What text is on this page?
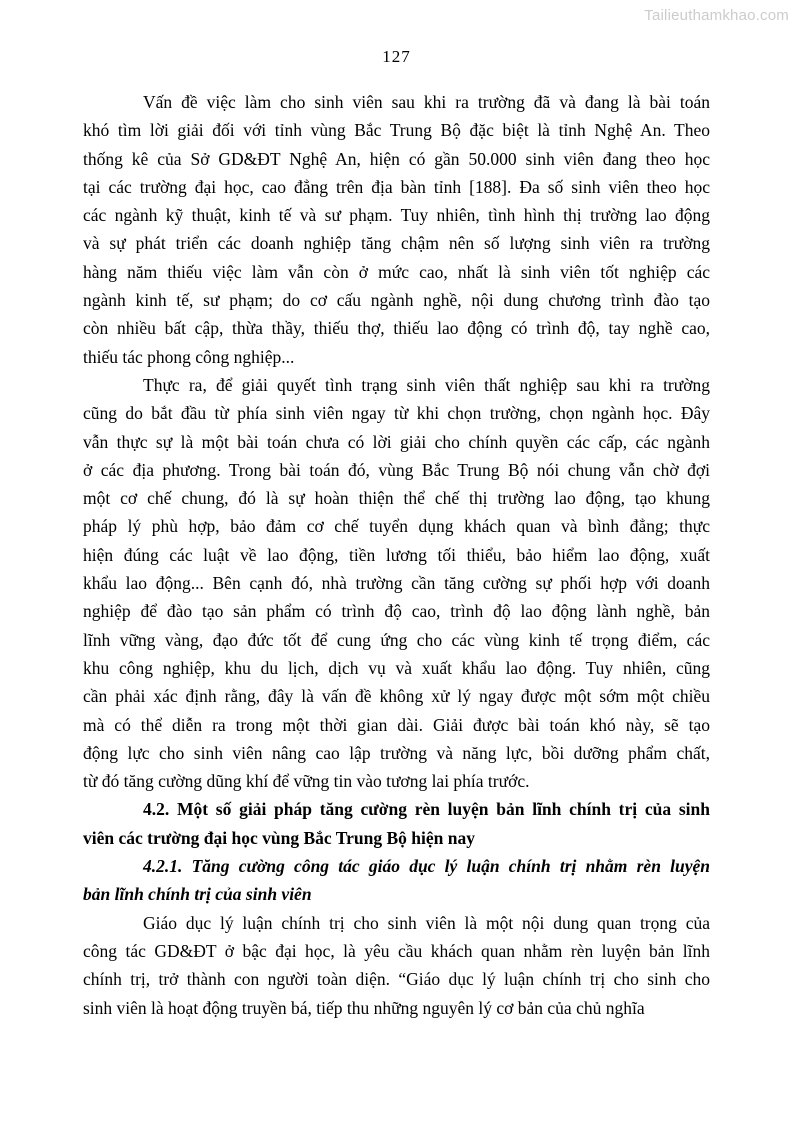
Tailieuthamkhao.com
127
Vấn đề việc làm cho sinh viên sau khi ra trường đã và đang là bài toán
khó tìm lời giải đối với tỉnh vùng Bắc Trung Bộ đặc biệt là tỉnh Nghệ An. Theo
thống kê của Sở GD&ĐT Nghệ An, hiện có gần 50.000 sinh viên đang theo học
tại các trường đại học, cao đẳng trên địa bàn tỉnh [188]. Đa số sinh viên theo học
các ngành kỹ thuật, kinh tế và sư phạm. Tuy nhiên, tình hình thị trường lao động
và sự phát triển các doanh nghiệp tăng chậm nên số lượng sinh viên ra trường
hàng năm thiếu việc làm vẫn còn ở mức cao, nhất là sinh viên tốt nghiệp các
ngành kinh tế, sư phạm; do cơ cấu ngành nghề, nội dung chương trình đào tạo
còn nhiều bất cập, thừa thầy, thiếu thợ, thiếu lao động có trình độ, tay nghề cao,
thiếu tác phong công nghiệp...
Thực ra, để giải quyết tình trạng sinh viên thất nghiệp sau khi ra trường
cũng do bắt đầu từ phía sinh viên ngay từ khi chọn trường, chọn ngành học. Đây
vẫn thực sự là một bài toán chưa có lời giải cho chính quyền các cấp, các ngành
ở các địa phương. Trong bài toán đó, vùng Bắc Trung Bộ nói chung vẫn chờ đợi
một cơ chế chung, đó là sự hoàn thiện thể chế thị trường lao động, tạo khung
pháp lý phù hợp, bảo đảm cơ chế tuyển dụng khách quan và bình đẳng; thực
hiện đúng các luật về lao động, tiền lương tối thiểu, bảo hiểm lao động, xuất
khẩu lao động... Bên cạnh đó, nhà trường cần tăng cường sự phối hợp với doanh
nghiệp để đào tạo sản phẩm có trình độ cao, trình độ lao động lành nghề, bản
lĩnh vững vàng, đạo đức tốt để cung ứng cho các vùng kinh tế trọng điểm, các
khu công nghiệp, khu du lịch, dịch vụ và xuất khẩu lao động. Tuy nhiên, cũng
cần phải xác định rằng, đây là vấn đề không xử lý ngay được một sớm một chiều
mà có thể diễn ra trong một thời gian dài. Giải được bài toán khó này, sẽ tạo
động lực cho sinh viên nâng cao lập trường và năng lực, bồi dưỡng phẩm chất,
từ đó tăng cường dũng khí để vững tin vào tương lai phía trước.
4.2. Một số giải pháp tăng cường rèn luyện bản lĩnh chính trị của sinh
viên các trường đại học vùng Bắc Trung Bộ hiện nay
4.2.1. Tăng cường công tác giáo dục lý luận chính trị nhằm rèn luyện
bản lĩnh chính trị của sinh viên
Giáo dục lý luận chính trị cho sinh viên là một nội dung quan trọng của
công tác GD&ĐT ở bậc đại học, là yêu cầu khách quan nhằm rèn luyện bản lĩnh
chính trị, trở thành con người toàn diện. “Giáo dục lý luận chính trị cho sinh cho
sinh viên là hoạt động truyền bá, tiếp thu những nguyên lý cơ bản của chủ nghĩa
